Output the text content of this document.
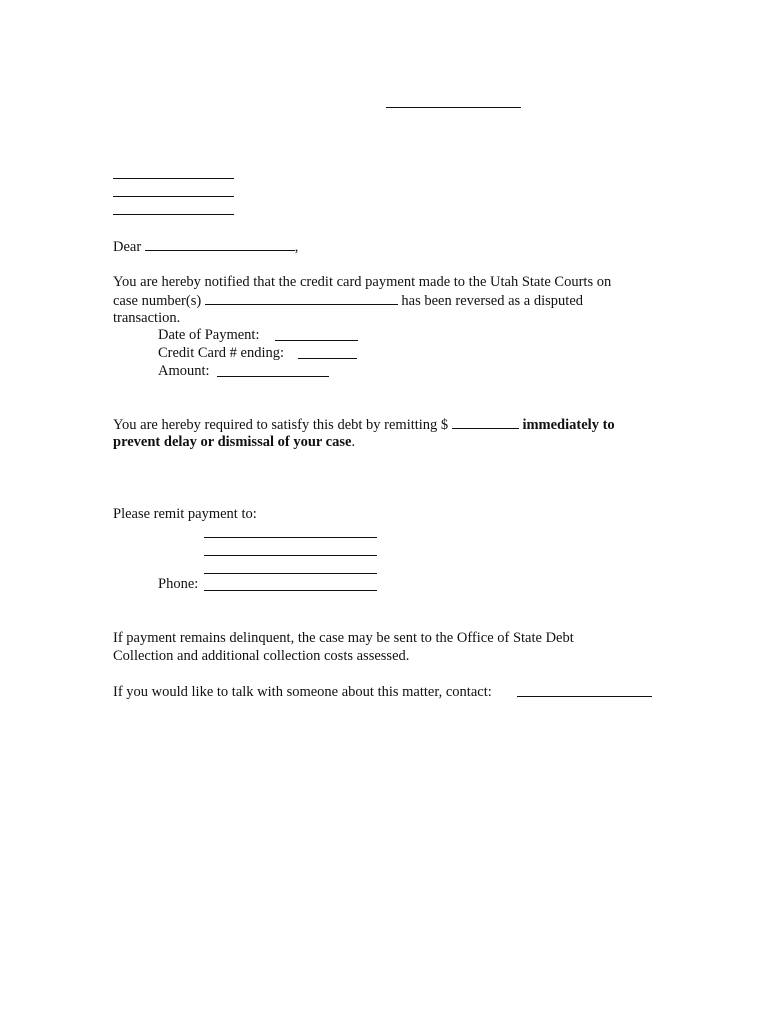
Dear	,
You are hereby notified that the credit card payment made to the Utah State Courts on
case number(s)	has been reversed as a disputed
transaction.
Date of Payment:
Credit Card # ending:
Amount:
You are hereby required to satisfy this debt by remitting $	immediately to
prevent delay or dismissal of your case.
Please remit payment to:
Phone:
If payment remains delinquent, the case may be sent to the Office of State Debt
Collection and additional collection costs assessed.
If you would like to talk with someone about this matter, contact:
